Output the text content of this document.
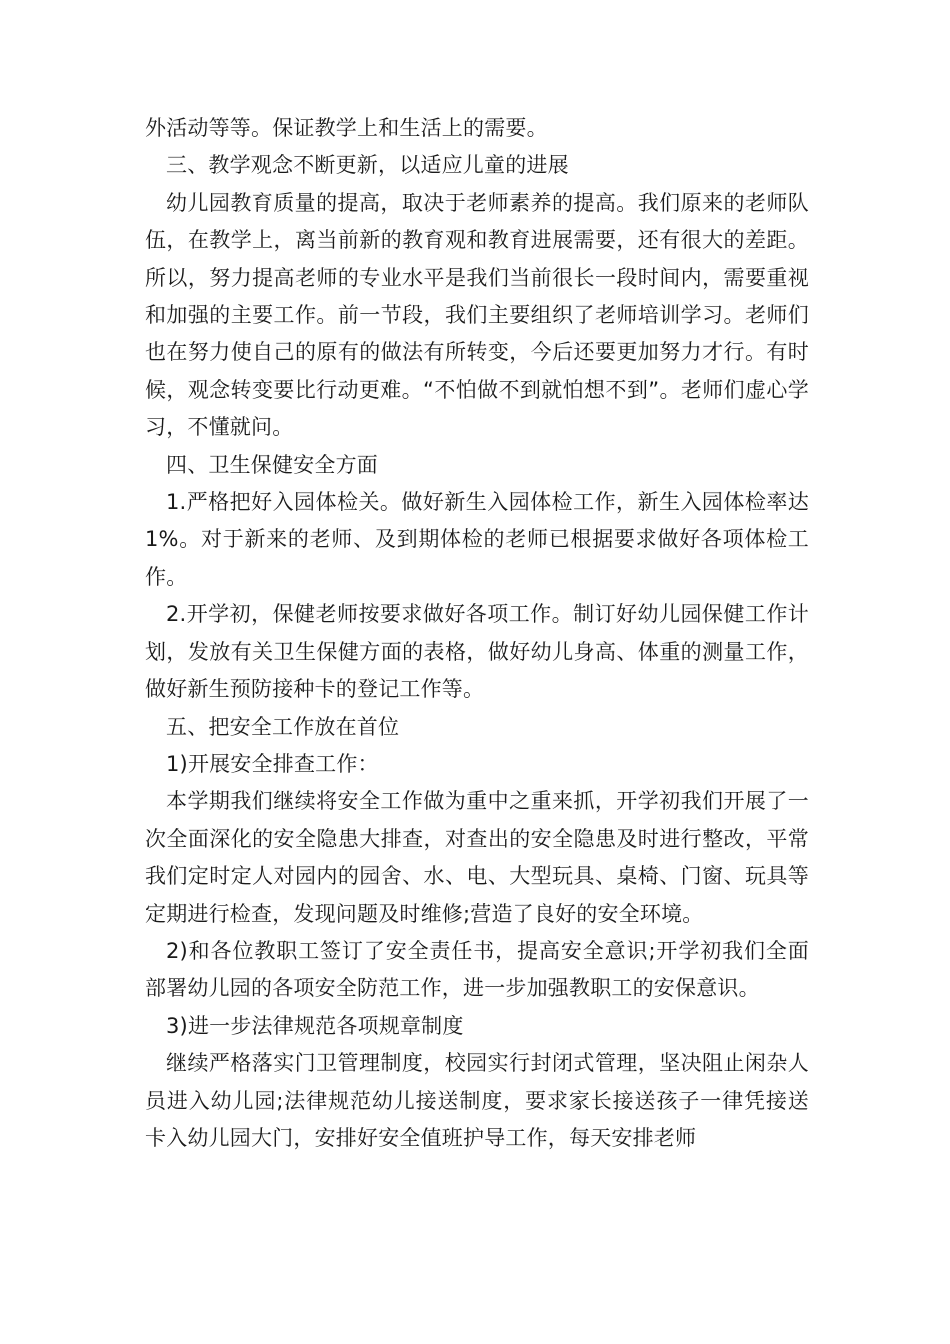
外活动等等。保证教学上和生活上的需要。

三、教学观念不断更新，以适应儿童的进展

幼儿园教育质量的提高，取决于老师素养的提高。我们原来的老师队伍，在教学上，离当前新的教育观和教育进展需要，还有很大的差距。所以，努力提高老师的专业水平是我们当前很长一段时间内，需要重视和加强的主要工作。前一节段，我们主要组织了老师培训学习。老师们也在努力使自己的原有的做法有所转变，今后还要更加努力才行。有时候，观念转变要比行动更难。“不怕做不到就怕想不到”。老师们虚心学习，不懂就问。

四、卫生保健安全方面

1.严格把好入园体检关。做好新生入园体检工作，新生入园体检率达 1%。对于新来的老师、及到期体检的老师已根据要求做好各项体检工作。

2.开学初，保健老师按要求做好各项工作。制订好幼儿园保健工作计划，发放有关卫生保健方面的表格，做好幼儿身高、体重的测量工作，做好新生预防接种卡的登记工作等。

五、把安全工作放在首位

1)开展安全排查工作：

本学期我们继续将安全工作做为重中之重来抓，开学初我们开展了一次全面深化的安全隐患大排查，对查出的安全隐患及时进行整改，平常我们定时定人对园内的园舍、水、电、大型玩具、桌椅、门窗、玩具等定期进行检查，发现问题及时维修;营造了良好的安全环境。

2)和各位教职工签订了安全责任书，提高安全意识;开学初我们全面部署幼儿园的各项安全防范工作，进一步加强教职工的安保意识。

3)进一步法律规范各项规章制度

继续严格落实门卫管理制度，校园实行封闭式管理，坚决阻止闲杂人员进入幼儿园;法律规范幼儿接送制度，要求家长接送孩子一律凭接送卡入幼儿园大门，安排好安全值班护导工作，每天安排老师
